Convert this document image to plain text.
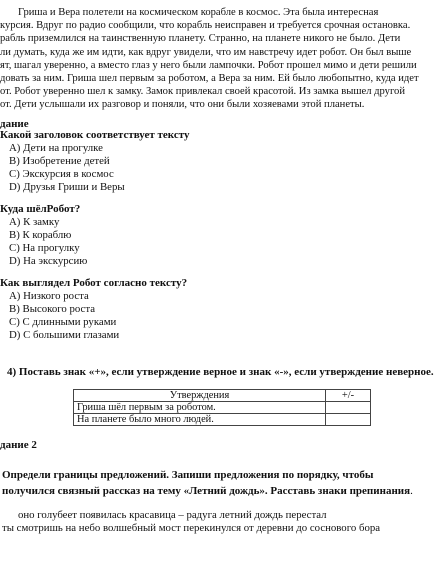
Гриша и Вера полетели на космическом корабле в космос. Эта была интересная
курсия. Вдруг по радио сообщили, что корабль неисправен и требуется срочная остановка.
рабль приземлился на таинственную планету. Странно, на планете никого не было. Дети
ли думать, куда же им идти, как вдруг увидели, что им навстречу идет робот. Он был выше
ят, шагал уверенно, а вместо глаз у него были лампочки. Робот прошел мимо и дети решили
довать за ним. Гриша шел первым за роботом, а Вера за ним. Ей было любопытно, куда идет
от. Робот уверенно шел к замку. Замок привлекал своей красотой. Из замка вышел другой
от. Дети услышали их разговор и поняли, что они были хозяевами этой планеты.
дание
Какой заголовок соответствует тексту
A) Дети на прогулке
B) Изобретение детей
C) Экскурсия в космос
D) Друзья Гриши и Веры
Куда шёлРобот?
A) К замку
B) К кораблю
C) На прогулку
D) На экскурсию
Как выглядел Робот согласно тексту?
A) Низкого роста
B) Высокого роста
C) С длинными руками
D) С большими глазами
4) Поставь знак «+», если утверждение верное и знак «-», если утверждение неверное.
Утверждения	+/-
Гриша шёл первым за роботом.	
На планете было много людей.	
дание 2
Определи границы предложений. Запиши предложения по порядку, чтобы
получился связный рассказ на тему «Летний дождь». Расставь знаки препинания.
оно голубеет появилась красавица – радуга летний дождь перестал
ты смотришь на небо волшебный мост перекинулся от деревни до соснового бора
